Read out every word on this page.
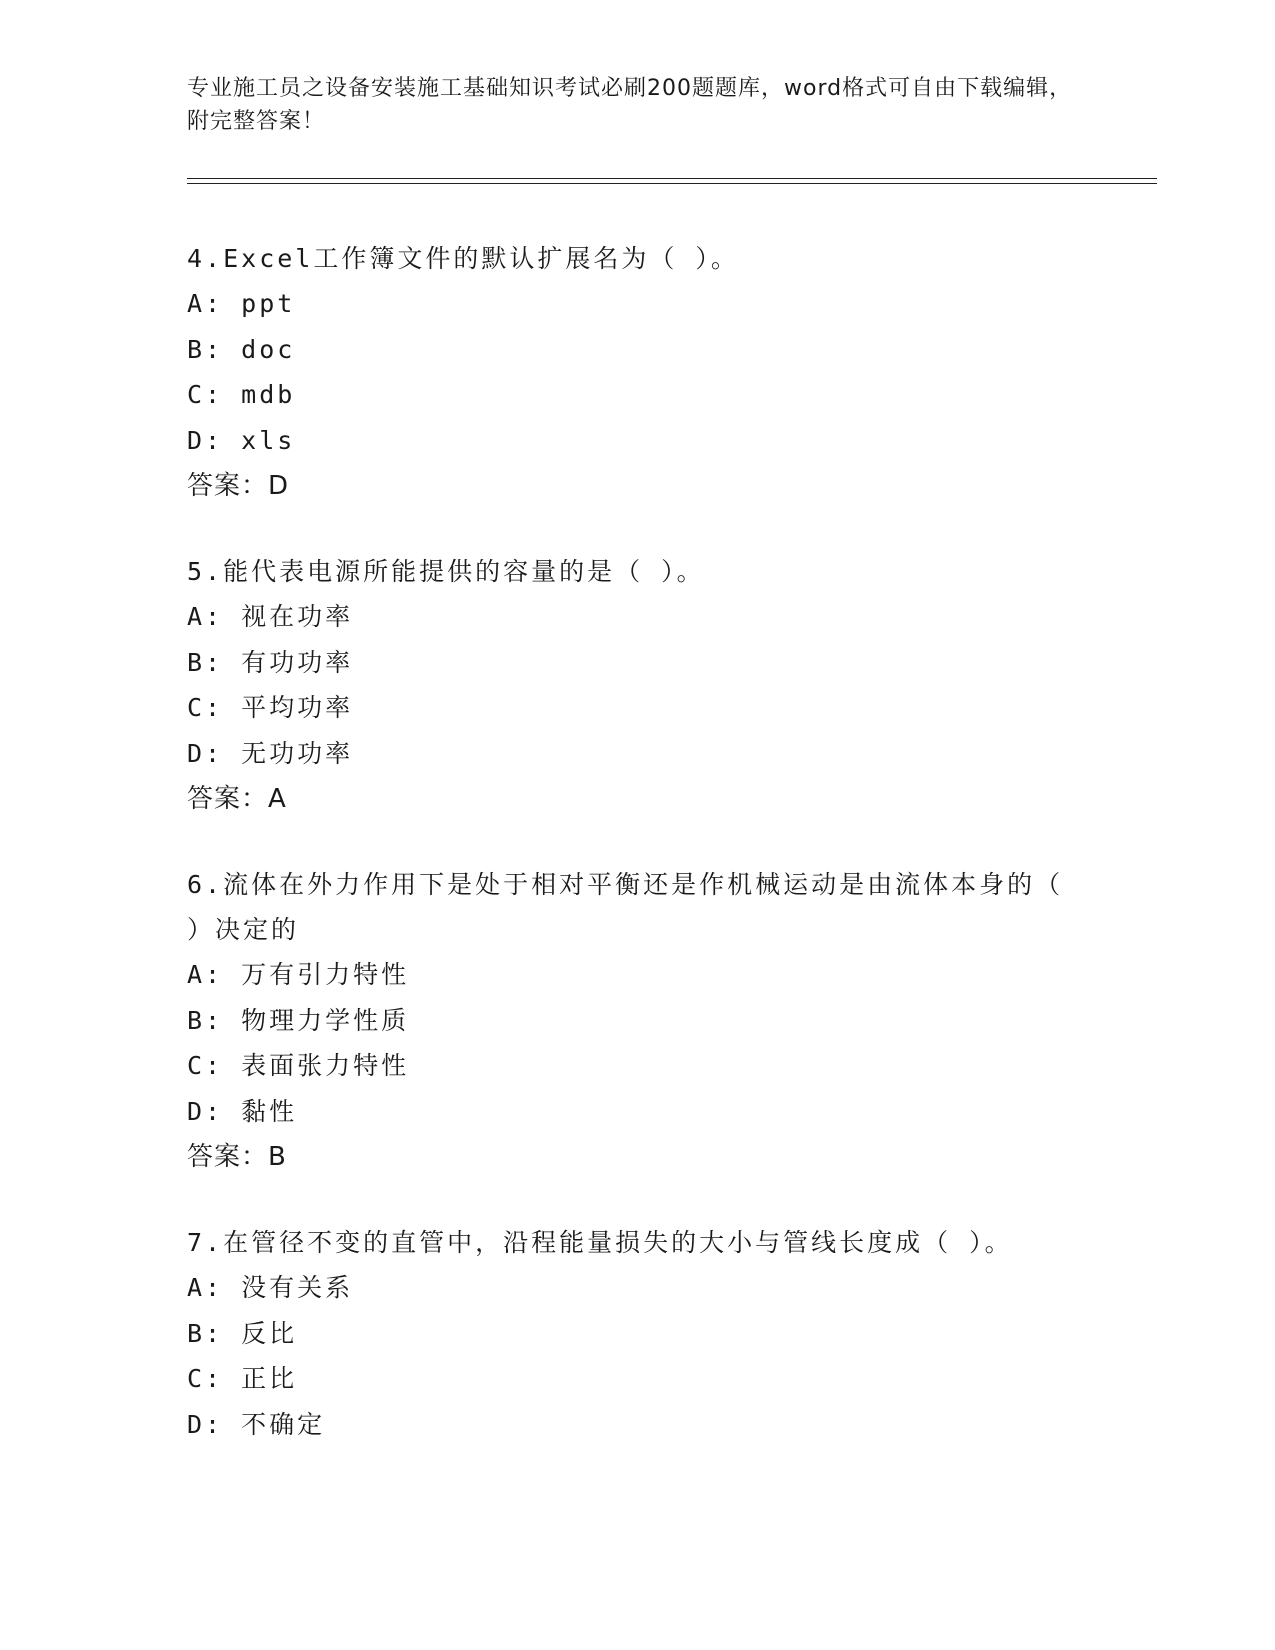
专业施工员之设备安装施工基础知识考试必刷200题题库，word格式可自由下载编辑，附完整答案！
4.Excel工作簿文件的默认扩展名为（ ）。
A: ppt
B: doc
C: mdb
D: xls
答案：D
5.能代表电源所能提供的容量的是（ ）。
A: 视在功率
B: 有功功率
C: 平均功率
D: 无功功率
答案：A
6.流体在外力作用下是处于相对平衡还是作机械运动是由流体本身的（ ）决定的
A: 万有引力特性
B: 物理力学性质
C: 表面张力特性
D: 黏性
答案：B
7.在管径不变的直管中，沿程能量损失的大小与管线长度成（ ）。
A: 没有关系
B: 反比
C: 正比
D: 不确定
